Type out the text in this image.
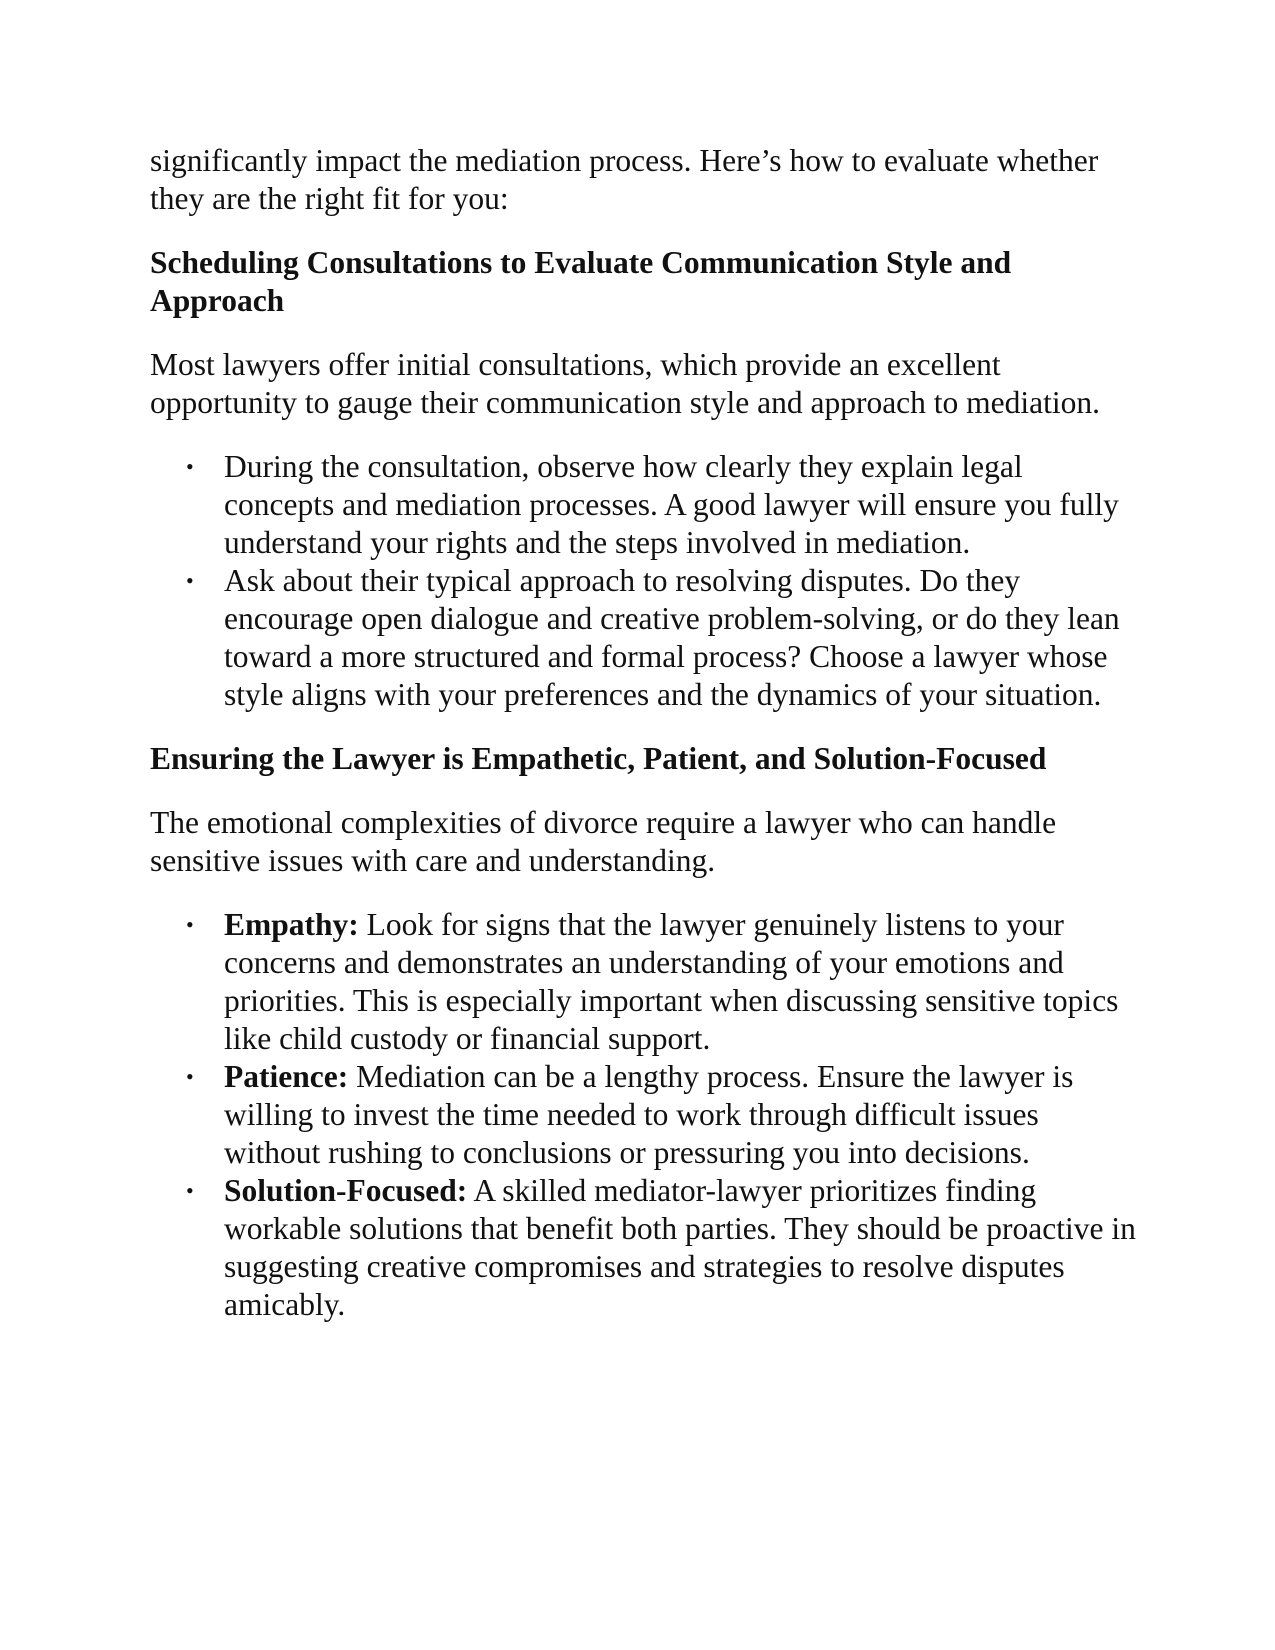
significantly impact the mediation process. Here’s how to evaluate whether they are the right fit for you:

Scheduling Consultations to Evaluate Communication Style and Approach

Most lawyers offer initial consultations, which provide an excellent opportunity to gauge their communication style and approach to mediation.

• During the consultation, observe how clearly they explain legal concepts and mediation processes. A good lawyer will ensure you fully understand your rights and the steps involved in mediation.
• Ask about their typical approach to resolving disputes. Do they encourage open dialogue and creative problem-solving, or do they lean toward a more structured and formal process? Choose a lawyer whose style aligns with your preferences and the dynamics of your situation.
Ensuring the Lawyer is Empathetic, Patient, and Solution-Focused

The emotional complexities of divorce require a lawyer who can handle sensitive issues with care and understanding.

• Empathy: Look for signs that the lawyer genuinely listens to your concerns and demonstrates an understanding of your emotions and priorities. This is especially important when discussing sensitive topics like child custody or financial support.
• Patience: Mediation can be a lengthy process. Ensure the lawyer is willing to invest the time needed to work through difficult issues without rushing to conclusions or pressuring you into decisions.
• Solution-Focused: A skilled mediator-lawyer prioritizes finding workable solutions that benefit both parties. They should be proactive in suggesting creative compromises and strategies to resolve disputes amicably.
